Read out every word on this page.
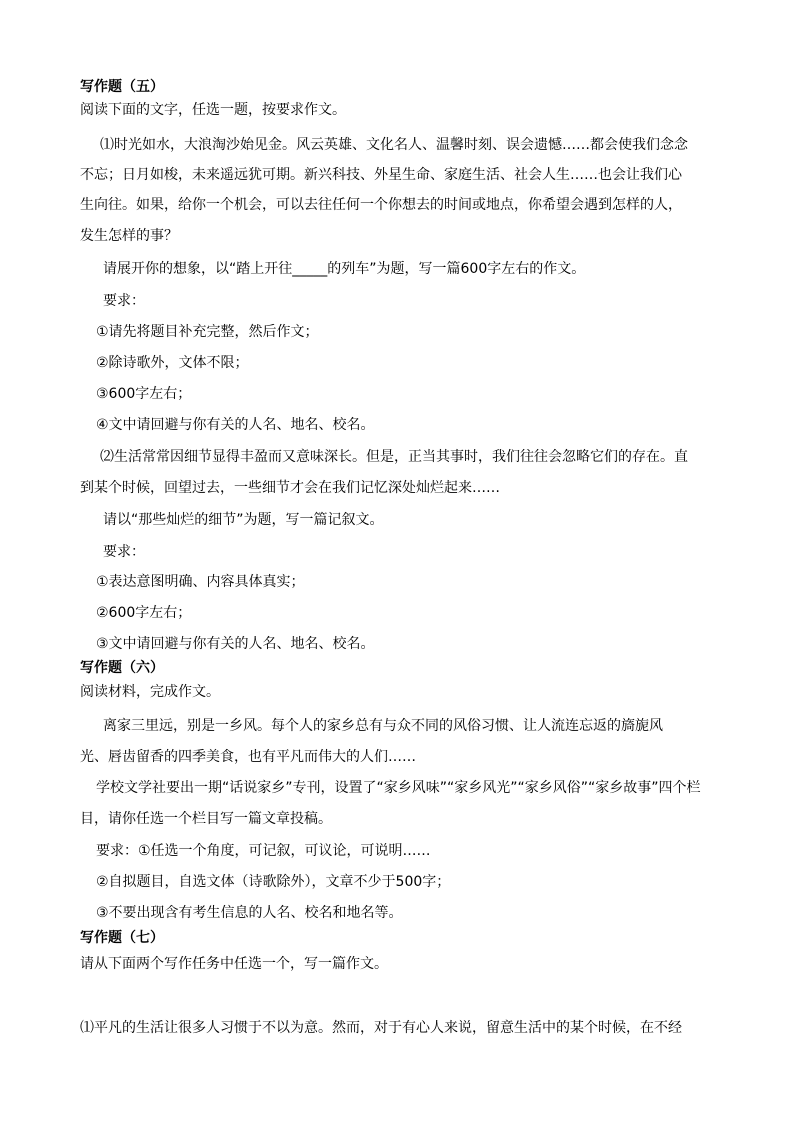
写作题（五）
阅读下面的文字，任选一题，按要求作文。
⑴时光如水，大浪淘沙始见金。风云英雄、文化名人、温馨时刻、误会遗憾……都会使我们念念
不忘；日月如梭，未来遥远犹可期。新兴科技、外星生命、家庭生活、社会人生……也会让我们心
生向往。如果，给你一个机会，可以去往任何一个你想去的时间或地点，你希望会遇到怎样的人，
发生怎样的事？
请展开你的想象，以“踏上开往_____的列车”为题，写一篇600字左右的作文。
要求：
①请先将题目补充完整，然后作文；
②除诗歌外，文体不限；
③600字左右；
④文中请回避与你有关的人名、地名、校名。
⑵生活常常因细节显得丰盈而又意味深长。但是，正当其事时，我们往往会忽略它们的存在。直
到某个时候，回望过去，一些细节才会在我们记忆深处灿烂起来……
请以“那些灿烂的细节”为题，写一篇记叙文。
要求：
①表达意图明确、内容具体真实；
②600字左右；
③文中请回避与你有关的人名、地名、校名。
写作题（六）
阅读材料，完成作文。
离家三里远，别是一乡风。每个人的家乡总有与众不同的风俗习惯、让人流连忘返的旖旎风
光、唇齿留香的四季美食，也有平凡而伟大的人们……
学校文学社要出一期“话说家乡”专刊，设置了“家乡风味”“家乡风光”“家乡风俗”“家乡故事”四个栏
目，请你任选一个栏目写一篇文章投稿。
要求：①任选一个角度，可记叙，可议论，可说明……
②自拟题目，自选文体（诗歌除外），文章不少于500字；
③不要出现含有考生信息的人名、校名和地名等。
写作题（七）
请从下面两个写作任务中任选一个，写一篇作文。
⑴平凡的生活让很多人习惯于不以为意。然而，对于有心人来说，留意生活中的某个时候，在不经
